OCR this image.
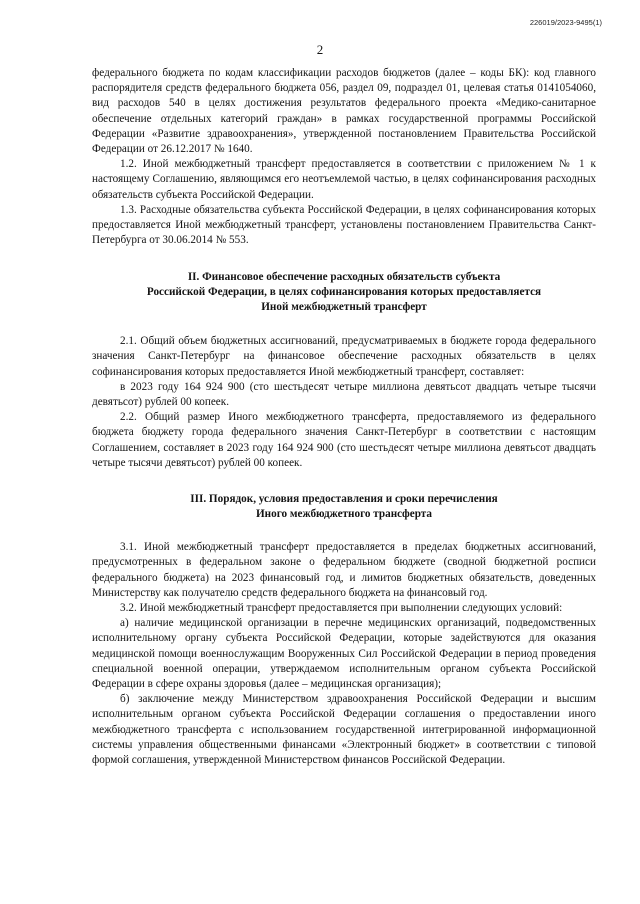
226019/2023-9495(1)
2

федерального бюджета по кодам классификации расходов бюджетов (далее – коды БК): код главного распорядителя средств федерального бюджета 056, раздел 09, подраздел 01, целевая статья 0141054060, вид расходов 540 в целях достижения результатов федерального проекта «Медико-санитарное обеспечение отдельных категорий граждан» в рамках государственной программы Российской Федерации «Развитие здравоохранения», утвержденной постановлением Правительства Российской Федерации от 26.12.2017 № 1640.

1.2. Иной межбюджетный трансферт предоставляется в соответствии с приложением № 1 к настоящему Соглашению, являющимся его неотъемлемой частью, в целях софинансирования расходных обязательств субъекта Российской Федерации.

1.3. Расходные обязательства субъекта Российской Федерации, в целях софинансирования которых предоставляется Иной межбюджетный трансферт, установлены постановлением Правительства Санкт-Петербурга от 30.06.2014 № 553.

II. Финансовое обеспечение расходных обязательств субъекта
Российской Федерации, в целях софинансирования которых предоставляется
Иной межбюджетный трансферт

2.1. Общий объем бюджетных ассигнований, предусматриваемых в бюджете города федерального значения Санкт-Петербург на финансовое обеспечение расходных обязательств в целях софинансирования которых предоставляется Иной межбюджетный трансферт, составляет:

в 2023 году 164 924 900 (сто шестьдесят четыре миллиона девятьсот двадцать четыре тысячи девятьсот) рублей 00 копеек.

2.2. Общий размер Иного межбюджетного трансферта, предоставляемого из федерального бюджета бюджету города федерального значения Санкт-Петербург в соответствии с настоящим Соглашением, составляет в 2023 году 164 924 900 (сто шестьдесят четыре миллиона девятьсот двадцать четыре тысячи девятьсот) рублей 00 копеек.

III. Порядок, условия предоставления и сроки перечисления
Иного межбюджетного трансферта

3.1. Иной межбюджетный трансферт предоставляется в пределах бюджетных ассигнований, предусмотренных в федеральном законе о федеральном бюджете (сводной бюджетной росписи федерального бюджета) на 2023 финансовый год, и лимитов бюджетных обязательств, доведенных Министерству как получателю средств федерального бюджета на финансовый год.

3.2. Иной межбюджетный трансферт предоставляется при выполнении следующих условий:

а) наличие медицинской организации в перечне медицинских организаций, подведомственных исполнительному органу субъекта Российской Федерации, которые задействуются для оказания медицинской помощи военнослужащим Вооруженных Сил Российской Федерации в период проведения специальной военной операции, утверждаемом исполнительным органом субъекта Российской Федерации в сфере охраны здоровья (далее – медицинская организация);

б) заключение между Министерством здравоохранения Российской Федерации и высшим исполнительным органом субъекта Российской Федерации соглашения о предоставлении иного межбюджетного трансферта с использованием государственной интегрированной информационной системы управления общественными финансами «Электронный бюджет» в соответствии с типовой формой соглашения, утвержденной Министерством финансов Российской Федерации.
